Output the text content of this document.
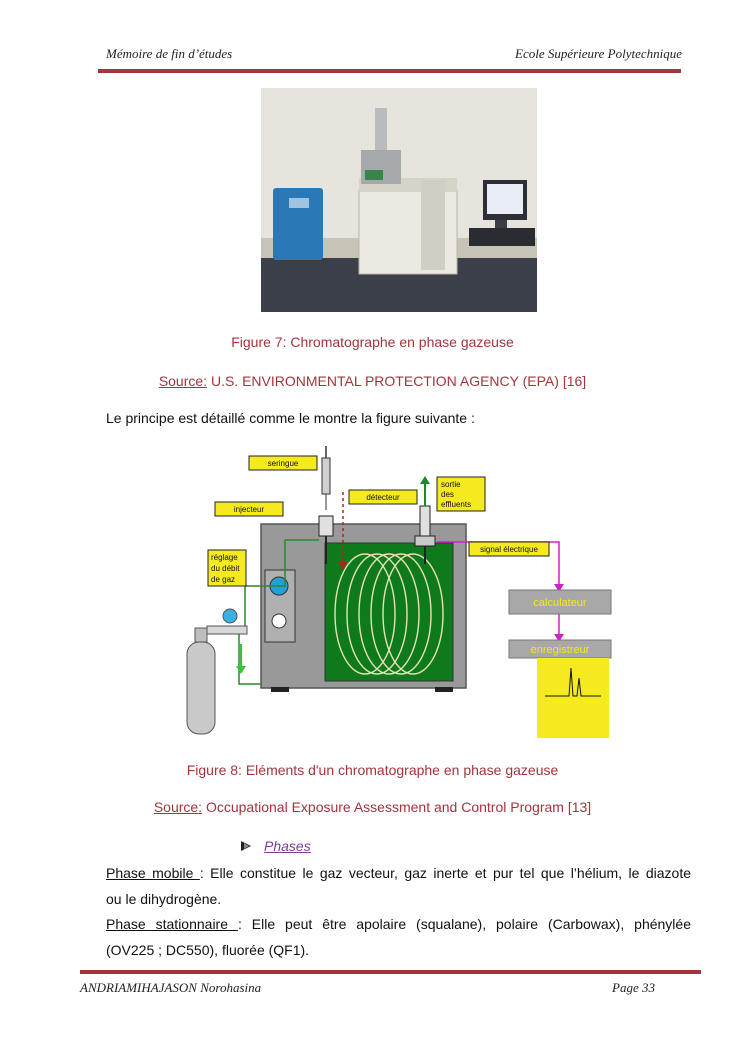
Mémoire de fin d’études	Ecole Supérieure Polytechnique
Figure 7: Chromatographe en phase gazeuse
Source: U.S. ENVIRONMENTAL PROTECTION AGENCY (EPA) [16]
Le principe est détaillé comme le montre la figure suivante :
seringue
injecteur
détecteur
sortie
des
effluents
réglage
du débit
de gaz
signal électrique
calculateur
enregistreur
Figure 8: Eléments d'un chromatographe en phase gazeuse
Source: Occupational Exposure Assessment and Control Program [13]
Phases
Phase mobile : Elle constitue le gaz vecteur, gaz inerte et pur tel que l’hélium, le diazote
ou le dihydrogène.
Phase stationnaire : Elle peut être apolaire (squalane), polaire (Carbowax), phénylée
(OV225 ; DC550), fluorée (QF1).
ANDRIAMIHAJASON Norohasina	Page 33
